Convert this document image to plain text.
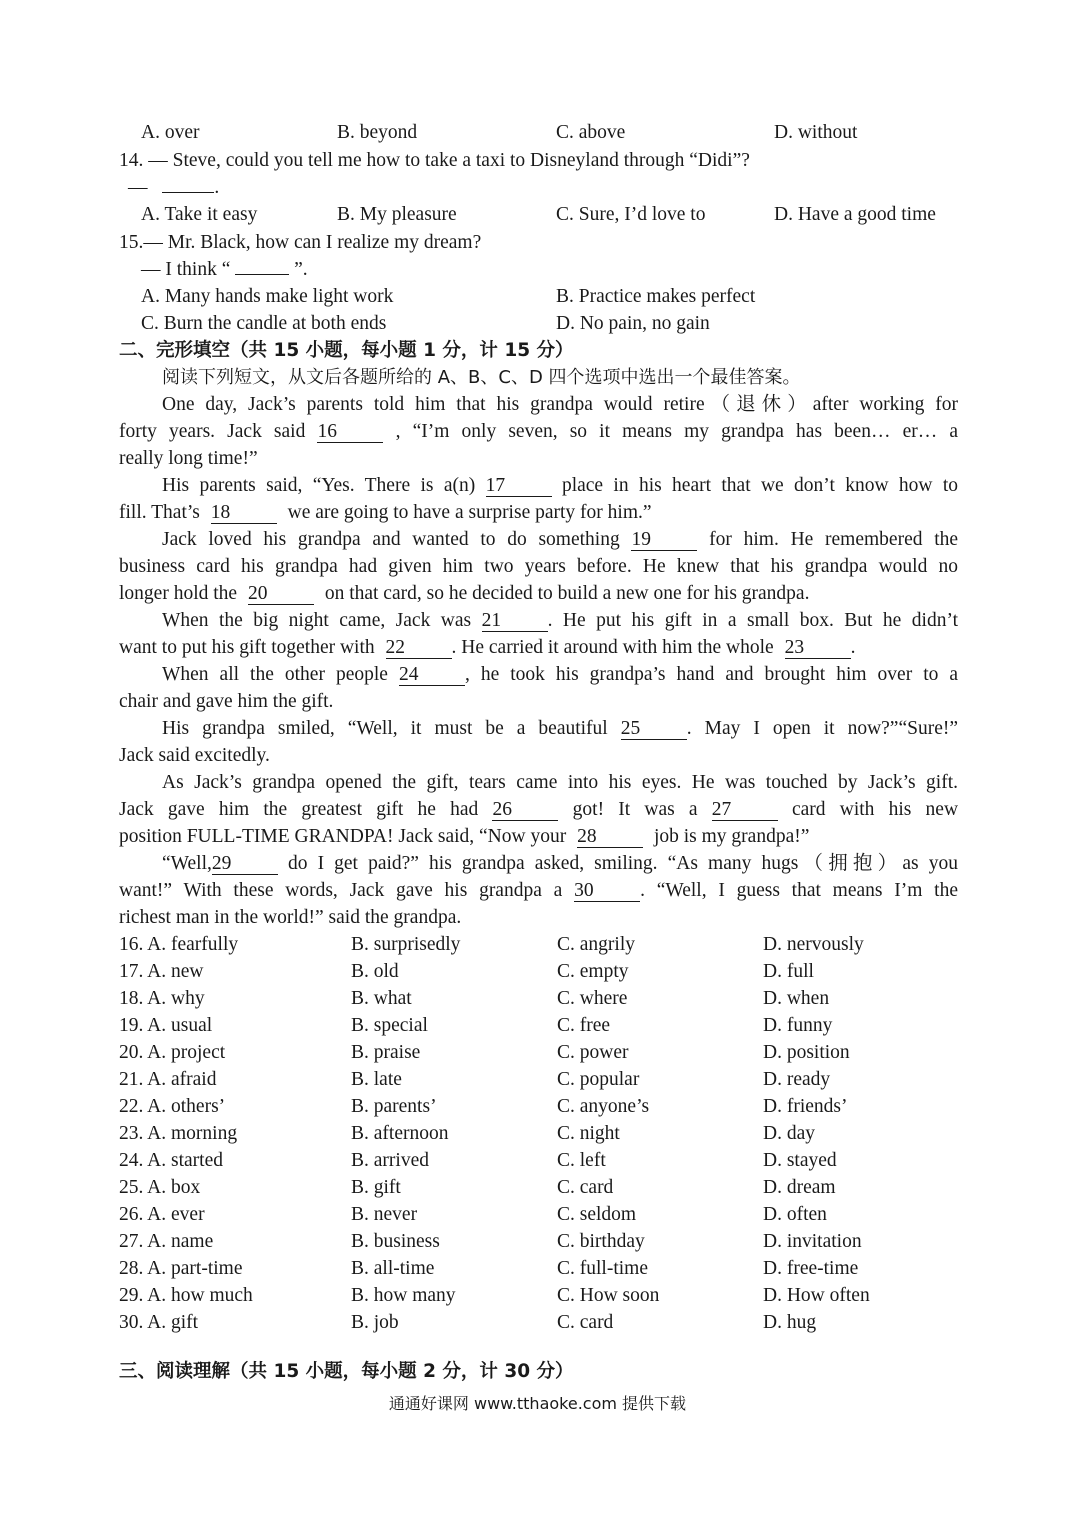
A. over	B. beyond	C. above	D. without
14. — Steve, could you tell me how to take a taxi to Disneyland through “Didi”?
—	.
A. Take it easy	B. My pleasure	C. Sure, I’d love to	D. Have a good time
15.— Mr. Black, how can I realize my dream?
— I think “	”.
A. Many hands make light work	B. Practice makes perfect
C. Burn the candle at both ends	D. No pain, no gain
二、完形填空（共 15 小题，每小题 1 分，计 15 分）
阅读下列短文，从文后各题所给的 A、B、C、D 四个选项中选出一个最佳答案。
One day, Jack’s parents told him that his grandpa would retire（退休）after working for
forty years. Jack said 16	, “I’m only seven, so it means my grandpa has been… er… a
really long time!”
His parents said, “Yes. There is a(n) 17	place in his heart that we don’t know how to
fill. That’s 18	we are going to have a surprise party for him.”
Jack loved his grandpa and wanted to do something 19	for him. He remembered the
business card his grandpa had given him two years before. He knew that his grandpa would no
longer hold the 20	on that card, so he decided to build a new one for his grandpa.
When the big night came, Jack was 21 . He put his gift in a small box. But he didn’t
want to put his gift together with 22 . He carried it around with him the whole 23 .
When all the other people 24 , he took his grandpa’s hand and brought him over to a
chair and gave him the gift.
His grandpa smiled, “Well, it must be a beautiful 25 . May I open it now?”“Sure!”
Jack said excitedly.
As Jack’s grandpa opened the gift, tears came into his eyes. He was touched by Jack’s gift.
Jack gave him the greatest gift he had 26	got! It was a 27	card with his new
position FULL-TIME GRANDPA! Jack said, “Now your 28	job is my grandpa!”
“Well,29	do I get paid?” his grandpa asked, smiling. “As many hugs（拥抱）as you
want!” With these words, Jack gave his grandpa a 30 . “Well, I guess that means I’m the
richest man in the world!” said the grandpa.
16. A. fearfully	B. surprisedly	C. angrily	D. nervously
17. A. new	B. old	C. empty	D. full
18. A. why	B. what	C. where	D. when
19. A. usual	B. special	C. free	D. funny
20. A. project	B. praise	C. power	D. position
21. A. afraid	B. late	C. popular	D. ready
22. A. others’	B. parents’	C. anyone’s	D. friends’
23. A. morning	B. afternoon	C. night	D. day
24. A. started	B. arrived	C. left	D. stayed
25. A. box	B. gift	C. card	D. dream
26. A. ever	B. never	C. seldom	D. often
27. A. name	B. business	C. birthday	D. invitation
28. A. part-time	B. all-time	C. full-time	D. free-time
29. A. how much	B. how many	C. How soon	D. How often
30. A. gift	B. job	C. card	D. hug
三、阅读理解（共 15 小题，每小题 2 分，计 30 分）
通通好课网 www.tthaoke.com 提供下载
